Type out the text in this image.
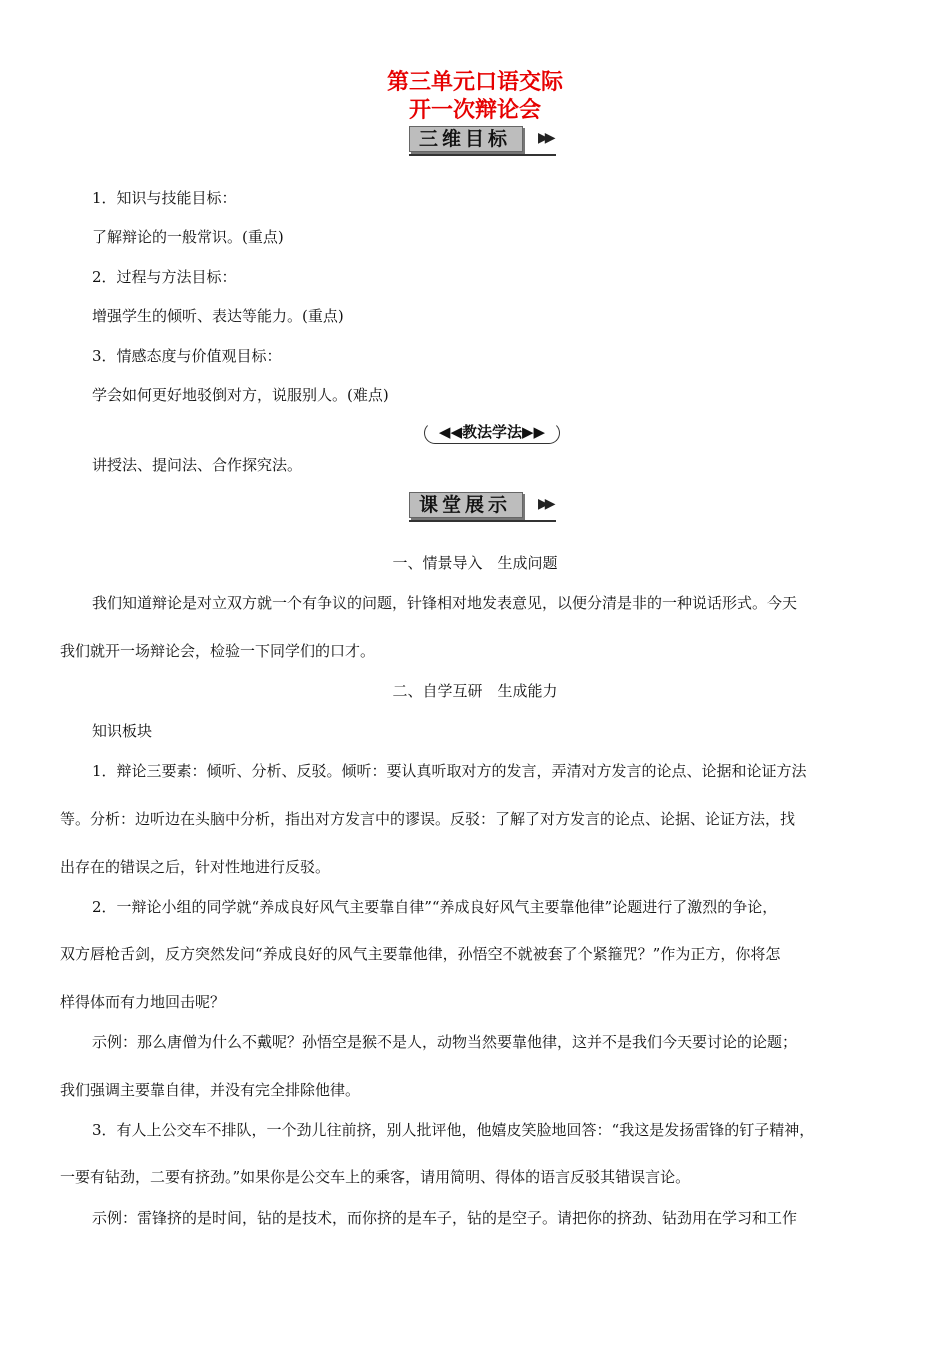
第三单元口语交际
开一次辩论会
三维目标	▶▶
1．知识与技能目标：
了解辩论的一般常识。(重点)
2．过程与方法目标：
增强学生的倾听、表达等能力。(重点)
3．情感态度与价值观目标：
学会如何更好地驳倒对方，说服别人。(难点)
◀◀教法学法▶▶
讲授法、提问法、合作探究法。
课堂展示	▶▶
一、情景导入　生成问题
我们知道辩论是对立双方就一个有争议的问题，针锋相对地发表意见，以便分清是非的一种说话形式。今天
我们就开一场辩论会，检验一下同学们的口才。
二、自学互研　生成能力
知识板块
1．辩论三要素：倾听、分析、反驳。倾听：要认真听取对方的发言，弄清对方发言的论点、论据和论证方法
等。分析：边听边在头脑中分析，指出对方发言中的谬误。反驳：了解了对方发言的论点、论据、论证方法，找
出存在的错误之后，针对性地进行反驳。
2．一辩论小组的同学就“养成良好风气主要靠自律”“养成良好风气主要靠他律”论题进行了激烈的争论，
双方唇枪舌剑，反方突然发问“养成良好的风气主要靠他律，孙悟空不就被套了个紧箍咒？”作为正方，你将怎
样得体而有力地回击呢？
示例：那么唐僧为什么不戴呢？孙悟空是猴不是人，动物当然要靠他律，这并不是我们今天要讨论的论题；
我们强调主要靠自律，并没有完全排除他律。
3．有人上公交车不排队，一个劲儿往前挤，别人批评他，他嬉皮笑脸地回答：“我这是发扬雷锋的钉子精神，
一要有钻劲，二要有挤劲。”如果你是公交车上的乘客，请用简明、得体的语言反驳其错误言论。
示例：雷锋挤的是时间，钻的是技术，而你挤的是车子，钻的是空子。请把你的挤劲、钻劲用在学习和工作
